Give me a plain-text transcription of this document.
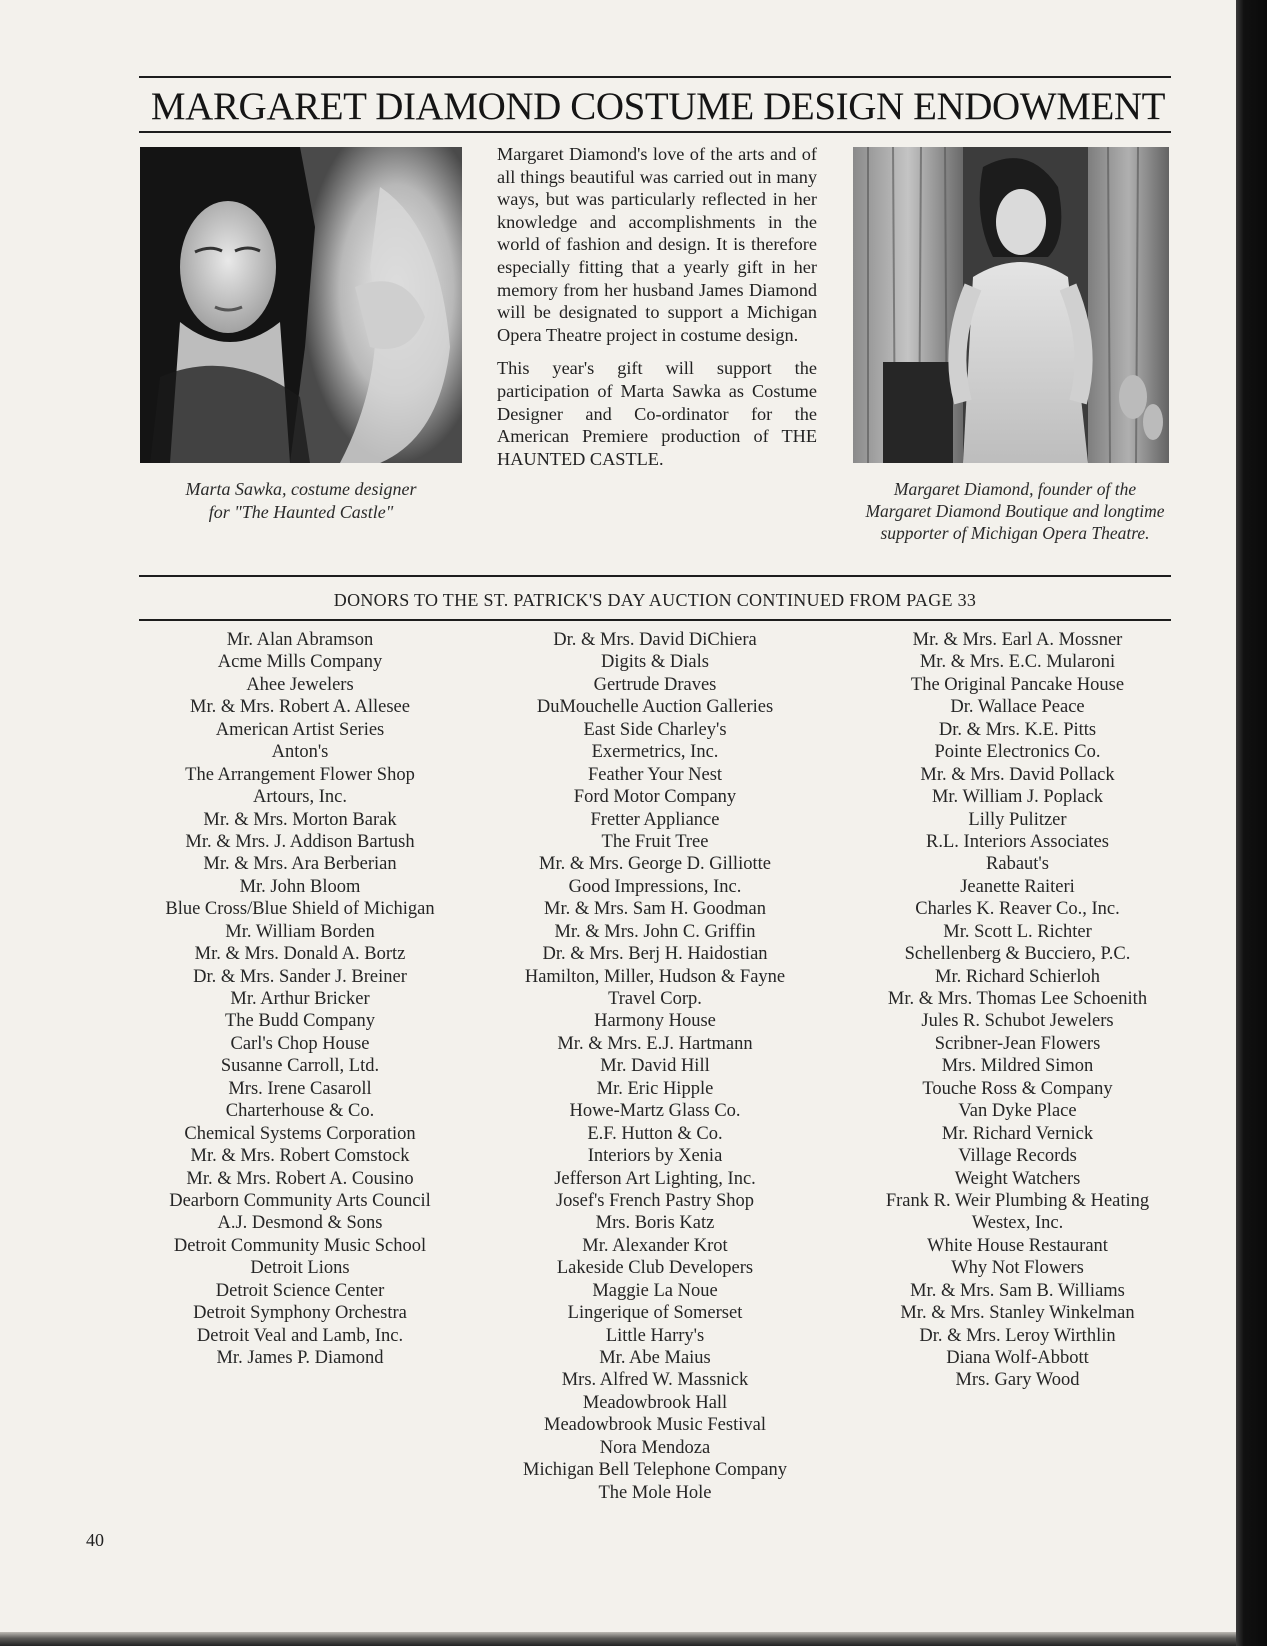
MARGARET DIAMOND COSTUME DESIGN ENDOWMENT
Marta Sawka, costume designer
for "The Haunted Castle"

Margaret Diamond's love of the arts and of all things beautiful was carried out in many ways, but was particularly reflected in her knowledge and accomplishments in the world of fashion and design. It is therefore especially fitting that a yearly gift in her memory from her husband James Diamond will be designated to support a Michigan Opera Theatre project in costume design.

This year's gift will support the participation of Marta Sawka as Costume Designer and Co-ordinator for the American Premiere production of THE HAUNTED CASTLE.

Margaret Diamond, founder of the
Margaret Diamond Boutique and longtime
supporter of Michigan Opera Theatre.
DONORS TO THE ST. PATRICK'S DAY AUCTION CONTINUED FROM PAGE 33
Mr. Alan Abramson
Acme Mills Company
Ahee Jewelers
Mr. & Mrs. Robert A. Allesee
American Artist Series
Anton's
The Arrangement Flower Shop
Artours, Inc.
Mr. & Mrs. Morton Barak
Mr. & Mrs. J. Addison Bartush
Mr. & Mrs. Ara Berberian
Mr. John Bloom
Blue Cross/Blue Shield of Michigan
Mr. William Borden
Mr. & Mrs. Donald A. Bortz
Dr. & Mrs. Sander J. Breiner
Mr. Arthur Bricker
The Budd Company
Carl's Chop House
Susanne Carroll, Ltd.
Mrs. Irene Casaroll
Charterhouse & Co.
Chemical Systems Corporation
Mr. & Mrs. Robert Comstock
Mr. & Mrs. Robert A. Cousino
Dearborn Community Arts Council
A.J. Desmond & Sons
Detroit Community Music School
Detroit Lions
Detroit Science Center
Detroit Symphony Orchestra
Detroit Veal and Lamb, Inc.
Mr. James P. Diamond
Dr. & Mrs. David DiChiera
Digits & Dials
Gertrude Draves
DuMouchelle Auction Galleries
East Side Charley's
Exermetrics, Inc.
Feather Your Nest
Ford Motor Company
Fretter Appliance
The Fruit Tree
Mr. & Mrs. George D. Gilliotte
Good Impressions, Inc.
Mr. & Mrs. Sam H. Goodman
Mr. & Mrs. John C. Griffin
Dr. & Mrs. Berj H. Haidostian
Hamilton, Miller, Hudson & Fayne
Travel Corp.
Harmony House
Mr. & Mrs. E.J. Hartmann
Mr. David Hill
Mr. Eric Hipple
Howe-Martz Glass Co.
E.F. Hutton & Co.
Interiors by Xenia
Jefferson Art Lighting, Inc.
Josef's French Pastry Shop
Mrs. Boris Katz
Mr. Alexander Krot
Lakeside Club Developers
Maggie La Noue
Lingerique of Somerset
Little Harry's
Mr. Abe Maius
Mrs. Alfred W. Massnick
Meadowbrook Hall
Meadowbrook Music Festival
Nora Mendoza
Michigan Bell Telephone Company
The Mole Hole
Mr. & Mrs. Earl A. Mossner
Mr. & Mrs. E.C. Mularoni
The Original Pancake House
Dr. Wallace Peace
Dr. & Mrs. K.E. Pitts
Pointe Electronics Co.
Mr. & Mrs. David Pollack
Mr. William J. Poplack
Lilly Pulitzer
R.L. Interiors Associates
Rabaut's
Jeanette Raiteri
Charles K. Reaver Co., Inc.
Mr. Scott L. Richter
Schellenberg & Bucciero, P.C.
Mr. Richard Schierloh
Mr. & Mrs. Thomas Lee Schoenith
Jules R. Schubot Jewelers
Scribner-Jean Flowers
Mrs. Mildred Simon
Touche Ross & Company
Van Dyke Place
Mr. Richard Vernick
Village Records
Weight Watchers
Frank R. Weir Plumbing & Heating
Westex, Inc.
White House Restaurant
Why Not Flowers
Mr. & Mrs. Sam B. Williams
Mr. & Mrs. Stanley Winkelman
Dr. & Mrs. Leroy Wirthlin
Diana Wolf-Abbott
Mrs. Gary Wood
40
